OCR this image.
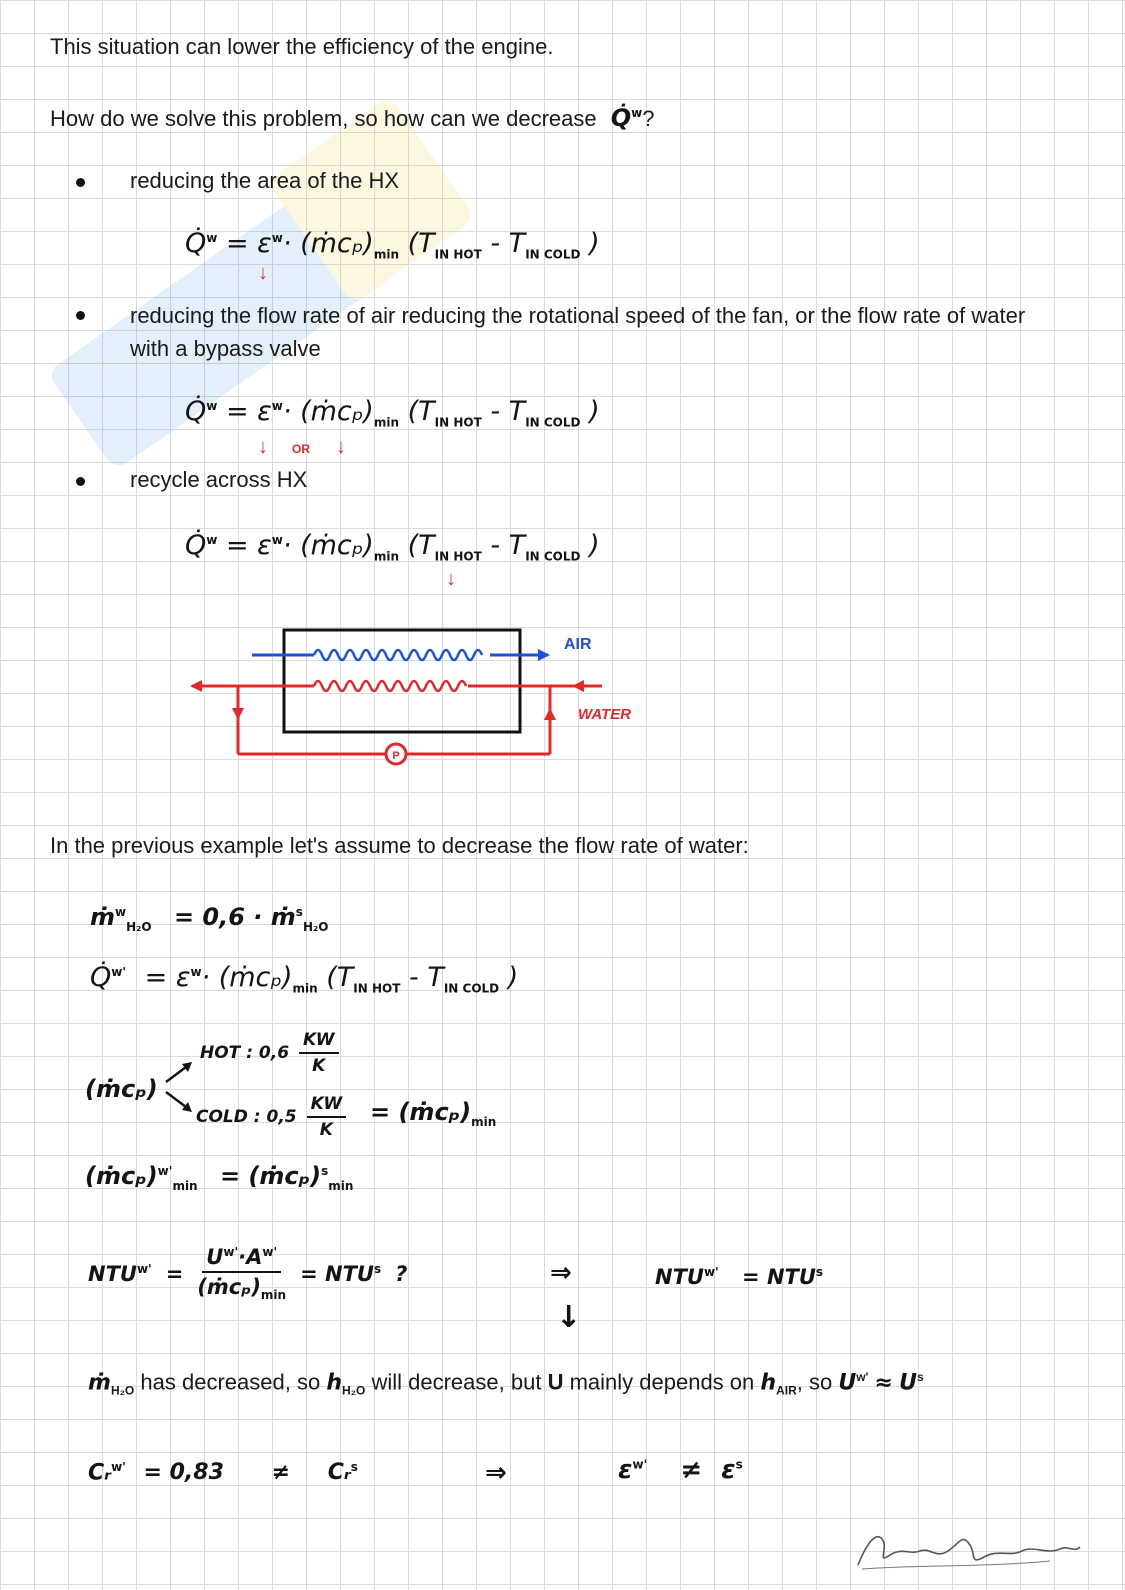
This situation can lower the efficiency of the engine.
How do we solve this problem, so how can we decrease Q̇$^w$?
reducing the area of the HX
Q̇$^w$ = $\varepsilon^w\cdot$ $(ṁc_p)_{min}$ ($T_{IN HOT} - T_{IN COLD}$ )
↓
reducing the flow rate of air reducing the rotational speed of the fan, or the flow rate of water with a bypass valve
Q̇$^w$ = $\varepsilon^w\cdot$ $(ṁc_p)_{min}$ ($T_{IN HOT} - T_{IN COLD}$ )
↓ OR ↓
recycle across HX
Q̇$^w$ = $\varepsilon^w\cdot$ $(ṁc_p)_{min}$ ($T_{IN HOT} - T_{IN COLD}$ )
↓
P
AIR
WATER
In the previous example let's assume to decrease the flow rate of water:
ṁ$^w_{H_2O}$ = 0,6 · ṁ$^s_{H_2O}$
Q̇$^{w'}$ = $\varepsilon^w\cdot$ $(ṁc_p)_{min}$ ($T_{IN HOT} - T_{IN COLD}$ )
(ṁcₚ)
HOT : $0,6 \frac{KW}{K}$
COLD : $0,5 \frac{KW}{K}$ = $(ṁc_p)_{min}$
(ṁcₚ)$^{w'}_{min}$ = (ṁcₚ)$^s_{min}$
$NTU^{w'} = \frac{U^{w'}\cdot A^{w'}}{(ṁc_p)_{min}} = NTU^s$ ?	⇒
↓
$NTU^{w'} = NTU^s$
ṁ$_{H_2O}$ has decreased, so $h_{H_2O}$ will decrease, but U mainly depends on $h_{AIR}$, so $U^{w'} \approx U^s$
Cᵣ$^{w'}$ = 0,83 ≠ Cᵣ$^s$	⇒	$\varepsilon^{w'} \ne \varepsilon^s$
